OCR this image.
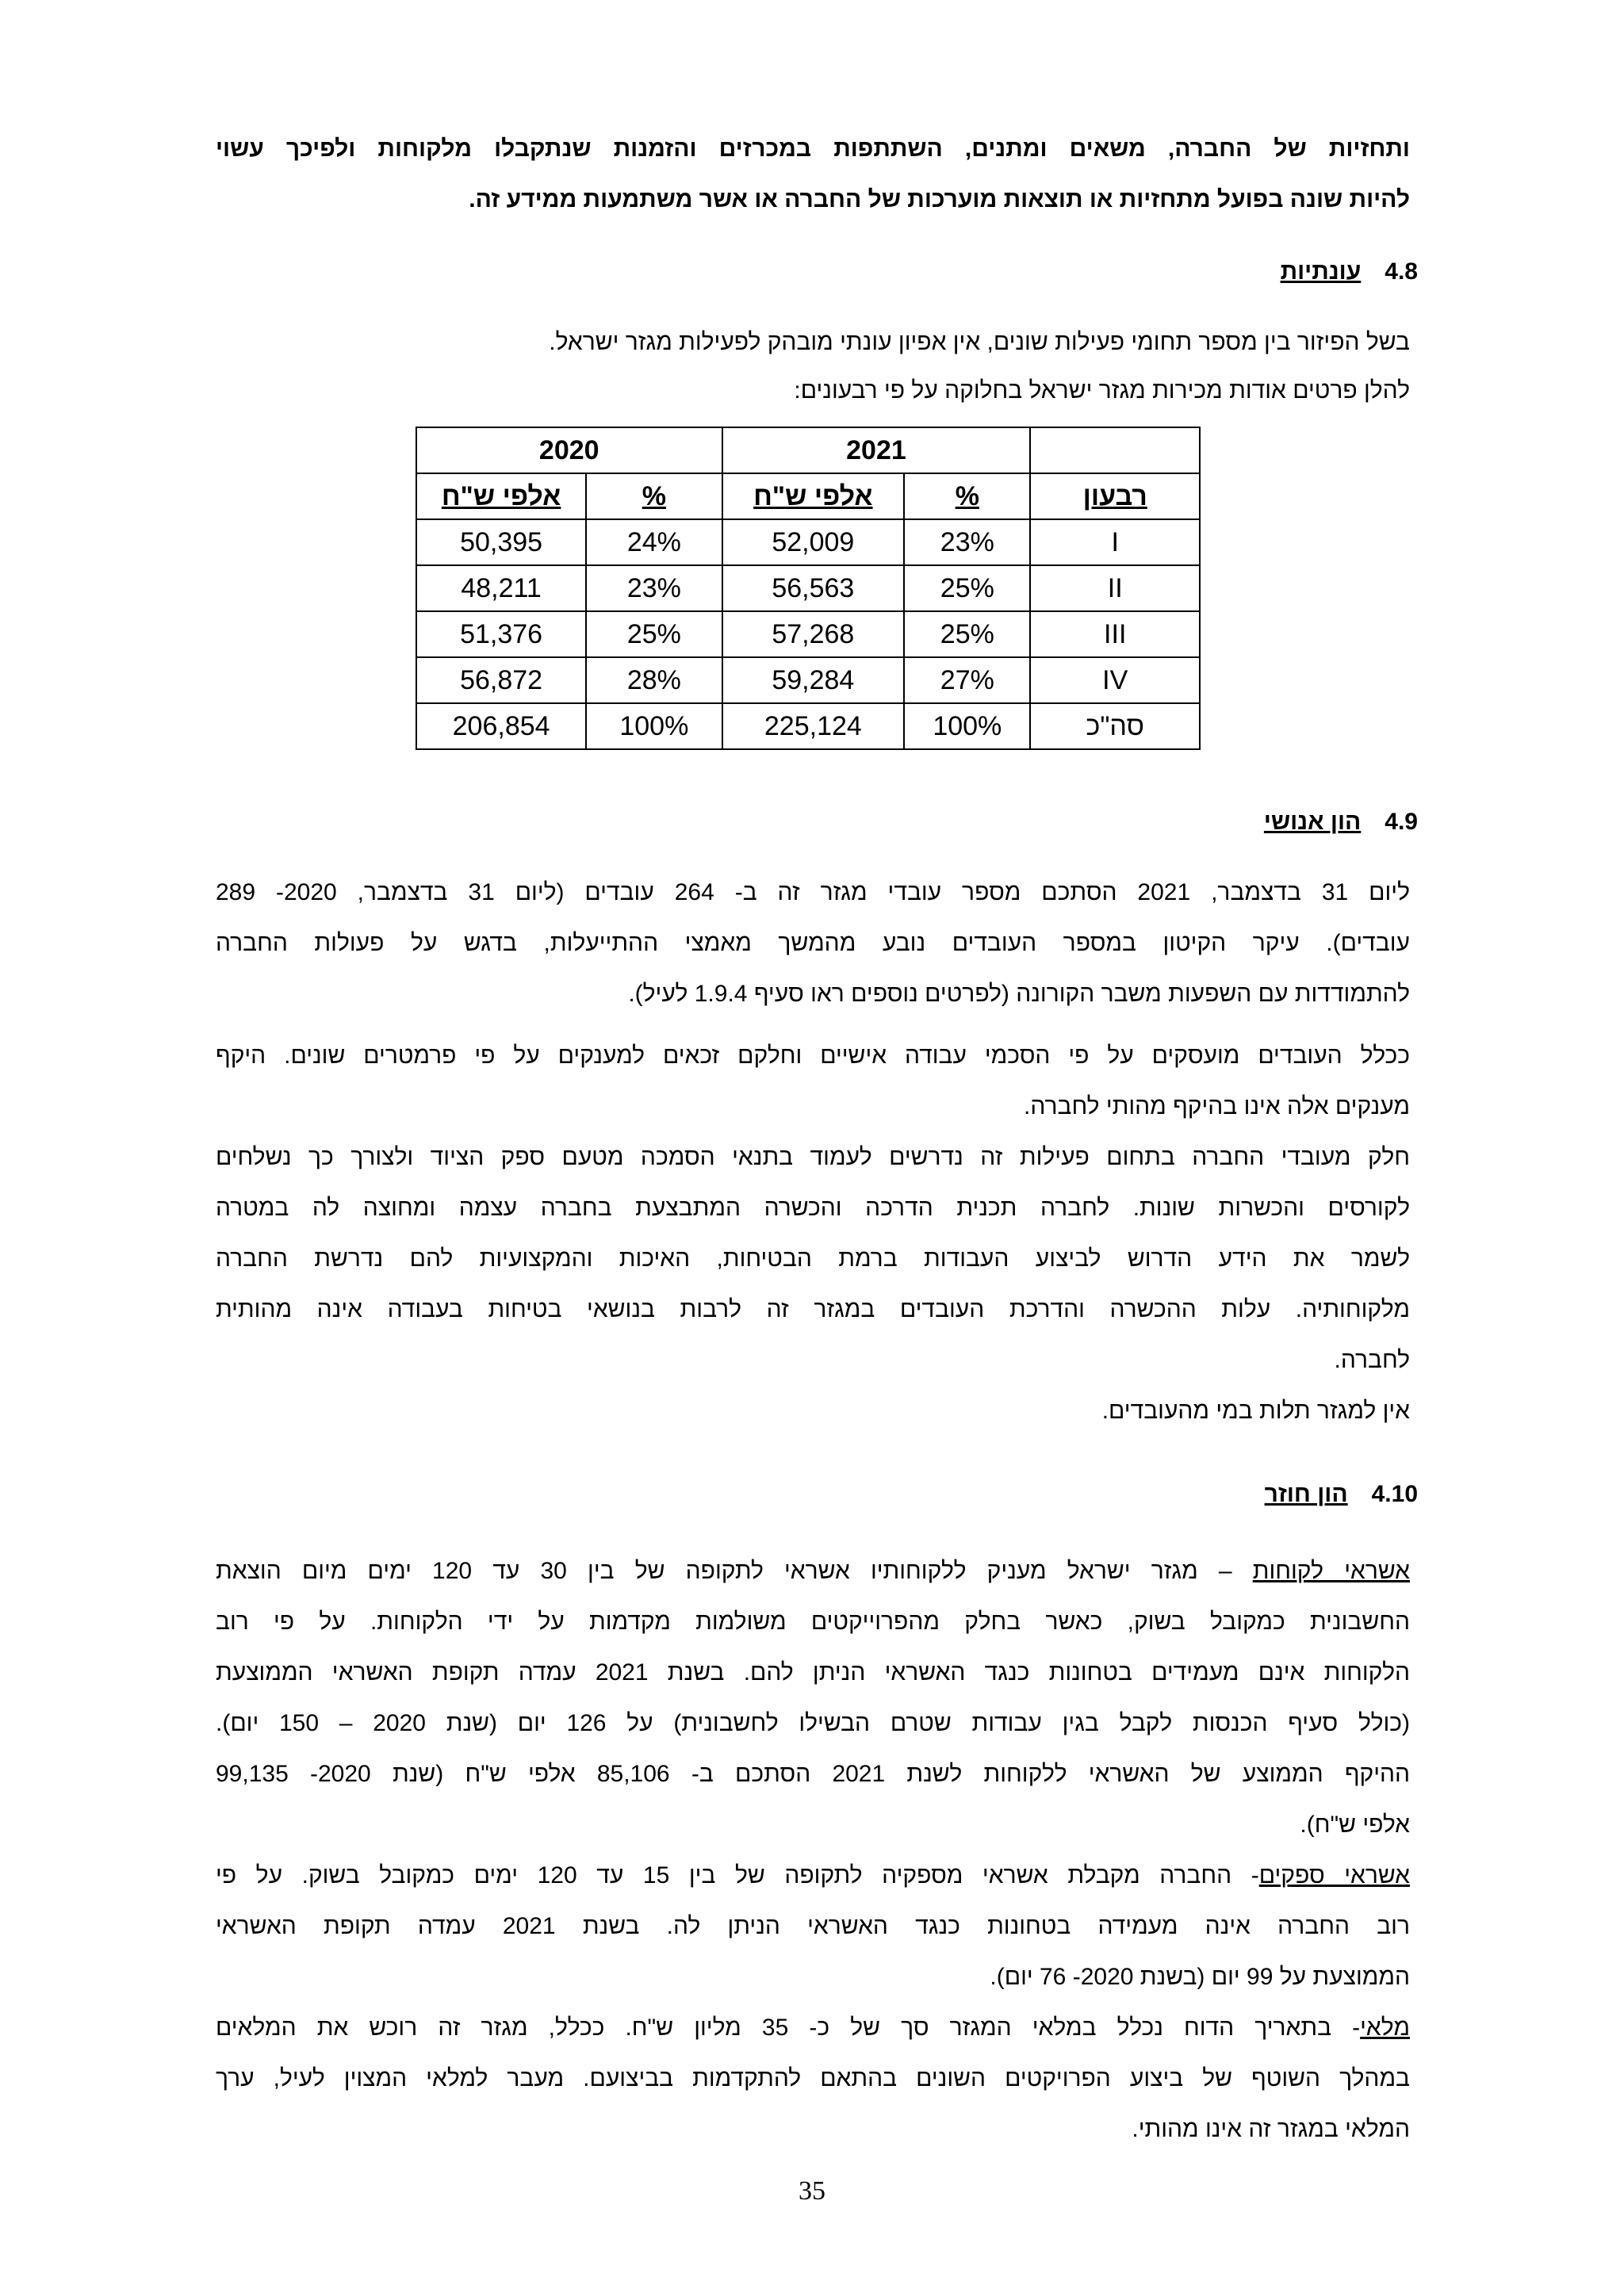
ותחזיות של החברה, משאים ומתנים, השתתפות במכרזים והזמנות שנתקבלו מלקוחות ולפיכך עשוי
להיות שונה בפועל מתחזיות או תוצאות מוערכות של החברה או אשר משתמעות ממידע זה.
4.8עונתיות
בשל הפיזור בין מספר תחומי פעילות שונים, אין אפיון עונתי מובהק לפעילות מגזר ישראל.
להלן פרטים אודות מכירות מגזר ישראל בחלוקה על פי רבעונים:
	2021		2020	
רבעון	%	אלפי ש"ח	%	אלפי ש"ח
I	23%	52,009	24%	50,395
II	25%	56,563	23%	48,211
III	25%	57,268	25%	51,376
IV	27%	59,284	28%	56,872
סה"כ	100%	225,124	100%	206,854
4.9הון אנושי
ליום 31 בדצמבר, 2021 הסתכם מספר עובדי מגזר זה ב- 264 עובדים (ליום 31 בדצמבר, 2020- 289
עובדים). עיקר הקיטון במספר העובדים נובע מהמשך מאמצי ההתייעלות, בדגש על פעולות החברה
להתמודדות עם השפעות משבר הקורונה (לפרטים נוספים ראו סעיף 1.9.4 לעיל).
ככלל העובדים מועסקים על פי הסכמי עבודה אישיים וחלקם זכאים למענקים על פי פרמטרים שונים. היקף
מענקים אלה אינו בהיקף מהותי לחברה.
חלק מעובדי החברה בתחום פעילות זה נדרשים לעמוד בתנאי הסמכה מטעם ספק הציוד ולצורך כך נשלחים
לקורסים והכשרות שונות. לחברה תכנית הדרכה והכשרה המתבצעת בחברה עצמה ומחוצה לה במטרה
לשמר את הידע הדרוש לביצוע העבודות ברמת הבטיחות, האיכות והמקצועיות להם נדרשת החברה
מלקוחותיה. עלות ההכשרה והדרכת העובדים במגזר זה לרבות בנושאי בטיחות בעבודה אינה מהותית
לחברה.
אין למגזר תלות במי מהעובדים.
4.10הון חוזר
אשראי לקוחות – מגזר ישראל מעניק ללקוחותיו אשראי לתקופה של בין 30 עד 120 ימים מיום הוצאת
החשבונית כמקובל בשוק, כאשר בחלק מהפרוייקטים משולמות מקדמות על ידי הלקוחות. על פי רוב
הלקוחות אינם מעמידים בטחונות כנגד האשראי הניתן להם. בשנת 2021 עמדה תקופת האשראי הממוצעת
(כולל סעיף הכנסות לקבל בגין עבודות שטרם הבשילו לחשבונית) על 126 יום (שנת 2020 – 150 יום).
ההיקף הממוצע של האשראי ללקוחות לשנת 2021 הסתכם ב- 85,106 אלפי ש"ח (שנת 2020- 99,135
אלפי ש"ח).
אשראי ספקים- החברה מקבלת אשראי מספקיה לתקופה של בין 15 עד 120 ימים כמקובל בשוק. על פי
רוב החברה אינה מעמידה בטחונות כנגד האשראי הניתן לה. בשנת 2021 עמדה תקופת האשראי
הממוצעת על 99 יום (בשנת 2020- 76 יום).
מלאי- בתאריך הדוח נכלל במלאי המגזר סך של כ- 35 מליון ש"ח. ככלל, מגזר זה רוכש את המלאים
במהלך השוטף של ביצוע הפרויקטים השונים בהתאם להתקדמות בביצועם. מעבר למלאי המצוין לעיל, ערך
המלאי במגזר זה אינו מהותי.
35
